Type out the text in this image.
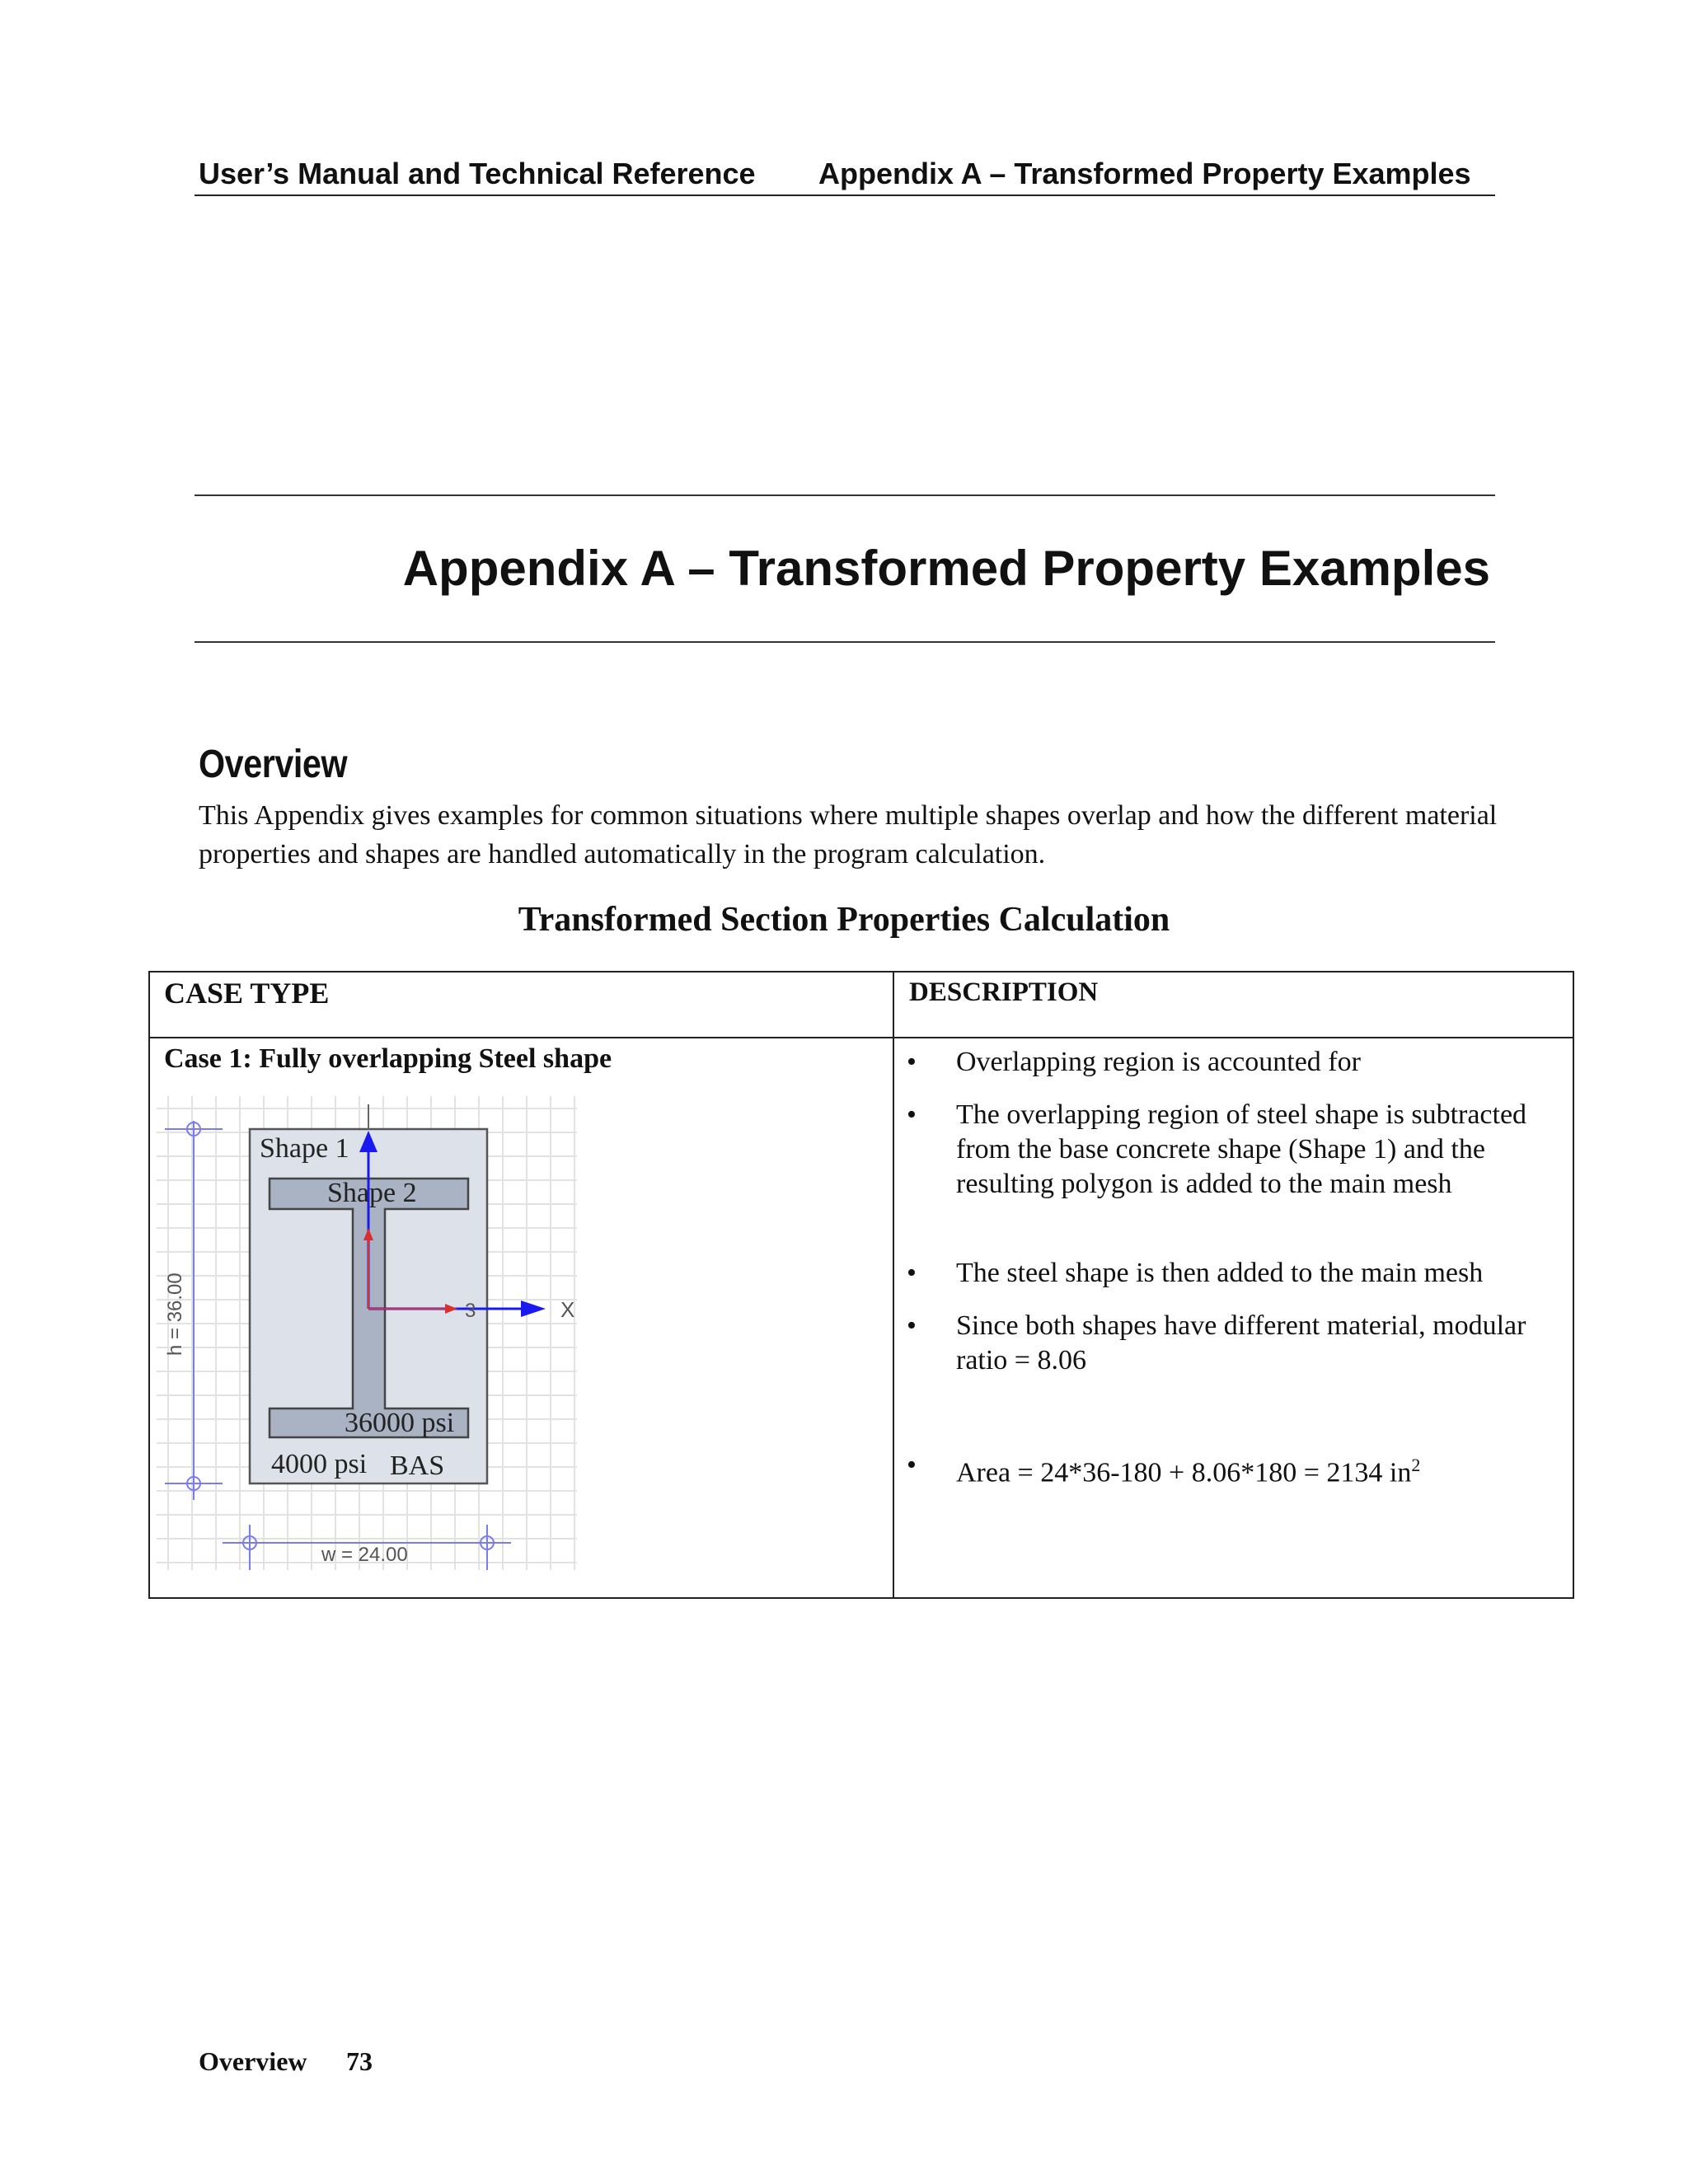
User’s Manual and Technical Reference Appendix A – Transformed Property Examples
Appendix A – Transformed Property Examples
Overview
This Appendix gives examples for common situations where multiple shapes overlap and how the different material properties and shapes are handled automatically in the program calculation.
Transformed Section Properties Calculation
CASE TYPE	DESCRIPTION
Case 1: Fully overlapping Steel shape	• Overlapping region is accounted for
• The overlapping region of steel shape is subtracted from the base concrete shape (Shape 1) and the resulting polygon is added to the main mesh
• The steel shape is then added to the main mesh
• Since both shapes have different material, modular ratio = 8.06
• Area = 24*36-180 + 8.06*180 = 2134 $in^2$
h = 36.00
w = 24.00
X
3
Shape 1
Shape 2
36000 psi
4000 psi BAS
Overview 73
